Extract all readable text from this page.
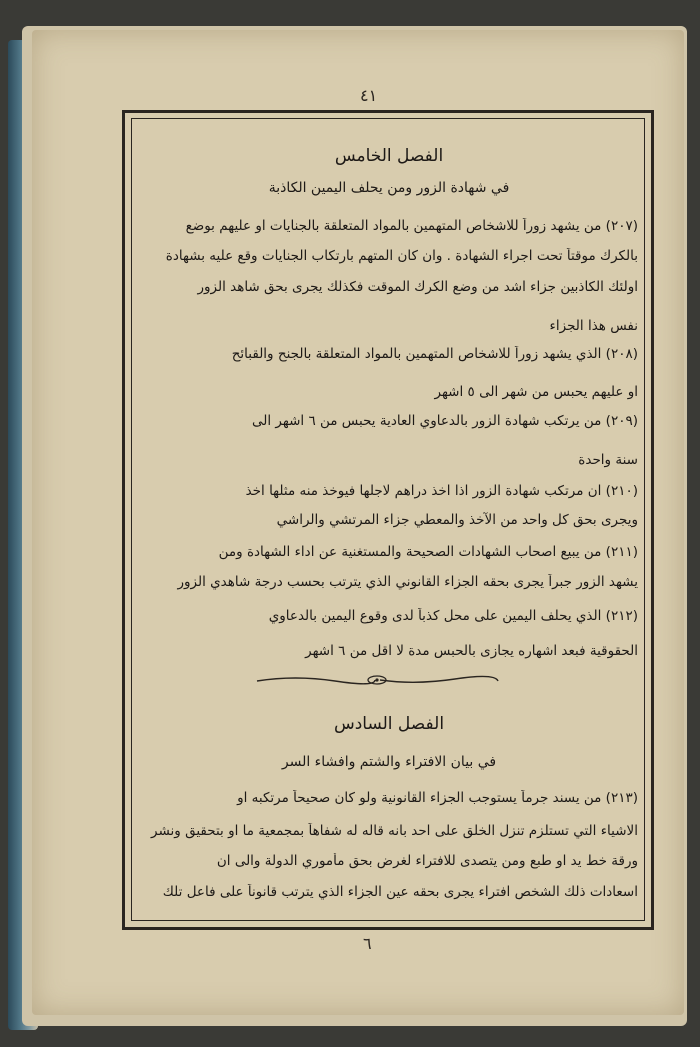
٤١
الفصل الخامس
في شهادة الزور ومن يحلف اليمين الكاذبة
(٢٠٧) من يشهد زوراً للاشخاص المتهمين بالمواد المتعلقة بالجنايات او عليهم بوضع
بالكرك موقتاً تحت اجراء الشهادة . وان كان المتهم بارتكاب الجنايات وقع عليه بشهادة
اولئك الكاذبين جزاء اشد من وضع الكرك الموقت فكذلك يجرى بحق شاهد الزور
نفس هذا الجزاء
(٢٠٨) الذي يشهد زوراً للاشخاص المتهمين بالمواد المتعلقة بالجنح والقبائح
او عليهم يحبس من شهر الى ٥ اشهر
(٢٠٩) من يرتكب شهادة الزور بالدعاوي العادية يحبس من ٦ اشهر الى
سنة واحدة
(٢١٠) ان مرتكب شهادة الزور اذا اخذ دراهم لاجلها فيوخذ منه مثلها اخذ
ويجرى بحق كل واحد من الآخذ والمعطي جزاء المرتشي والراشي
(٢١١) من يبيع اصحاب الشهادات الصحيحة والمستغنية عن اداء الشهادة ومن
يشهد الزور جبراً يجرى بحقه الجزاء القانوني الذي يترتب بحسب درجة شاهدي الزور
(٢١٢) الذي يحلف اليمين على محل كذباً لدى وقوع اليمين بالدعاوي
الحقوقية فبعد اشهاره يجازى بالحبس مدة لا اقل من ٦ اشهر
الفصل السادس
في بيان الافتراء والشتم وافشاء السر
(٢١٣) من يسند جرماً يستوجب الجزاء القانونية ولو كان صحيحاً مرتكبه او
الاشياء التي تستلزم تنزل الخلق على احد بانه قاله له شفاهاً بمجمعية ما او بتحقيق ونشر
ورقة خط يد او طبع ومن يتصدى للافتراء لغرض بحق مأموري الدولة والى ان
اسعادات ذلك الشخص افتراء يجرى بحقه عين الجزاء الذي يترتب قانوناً على فاعل تلك
٦
